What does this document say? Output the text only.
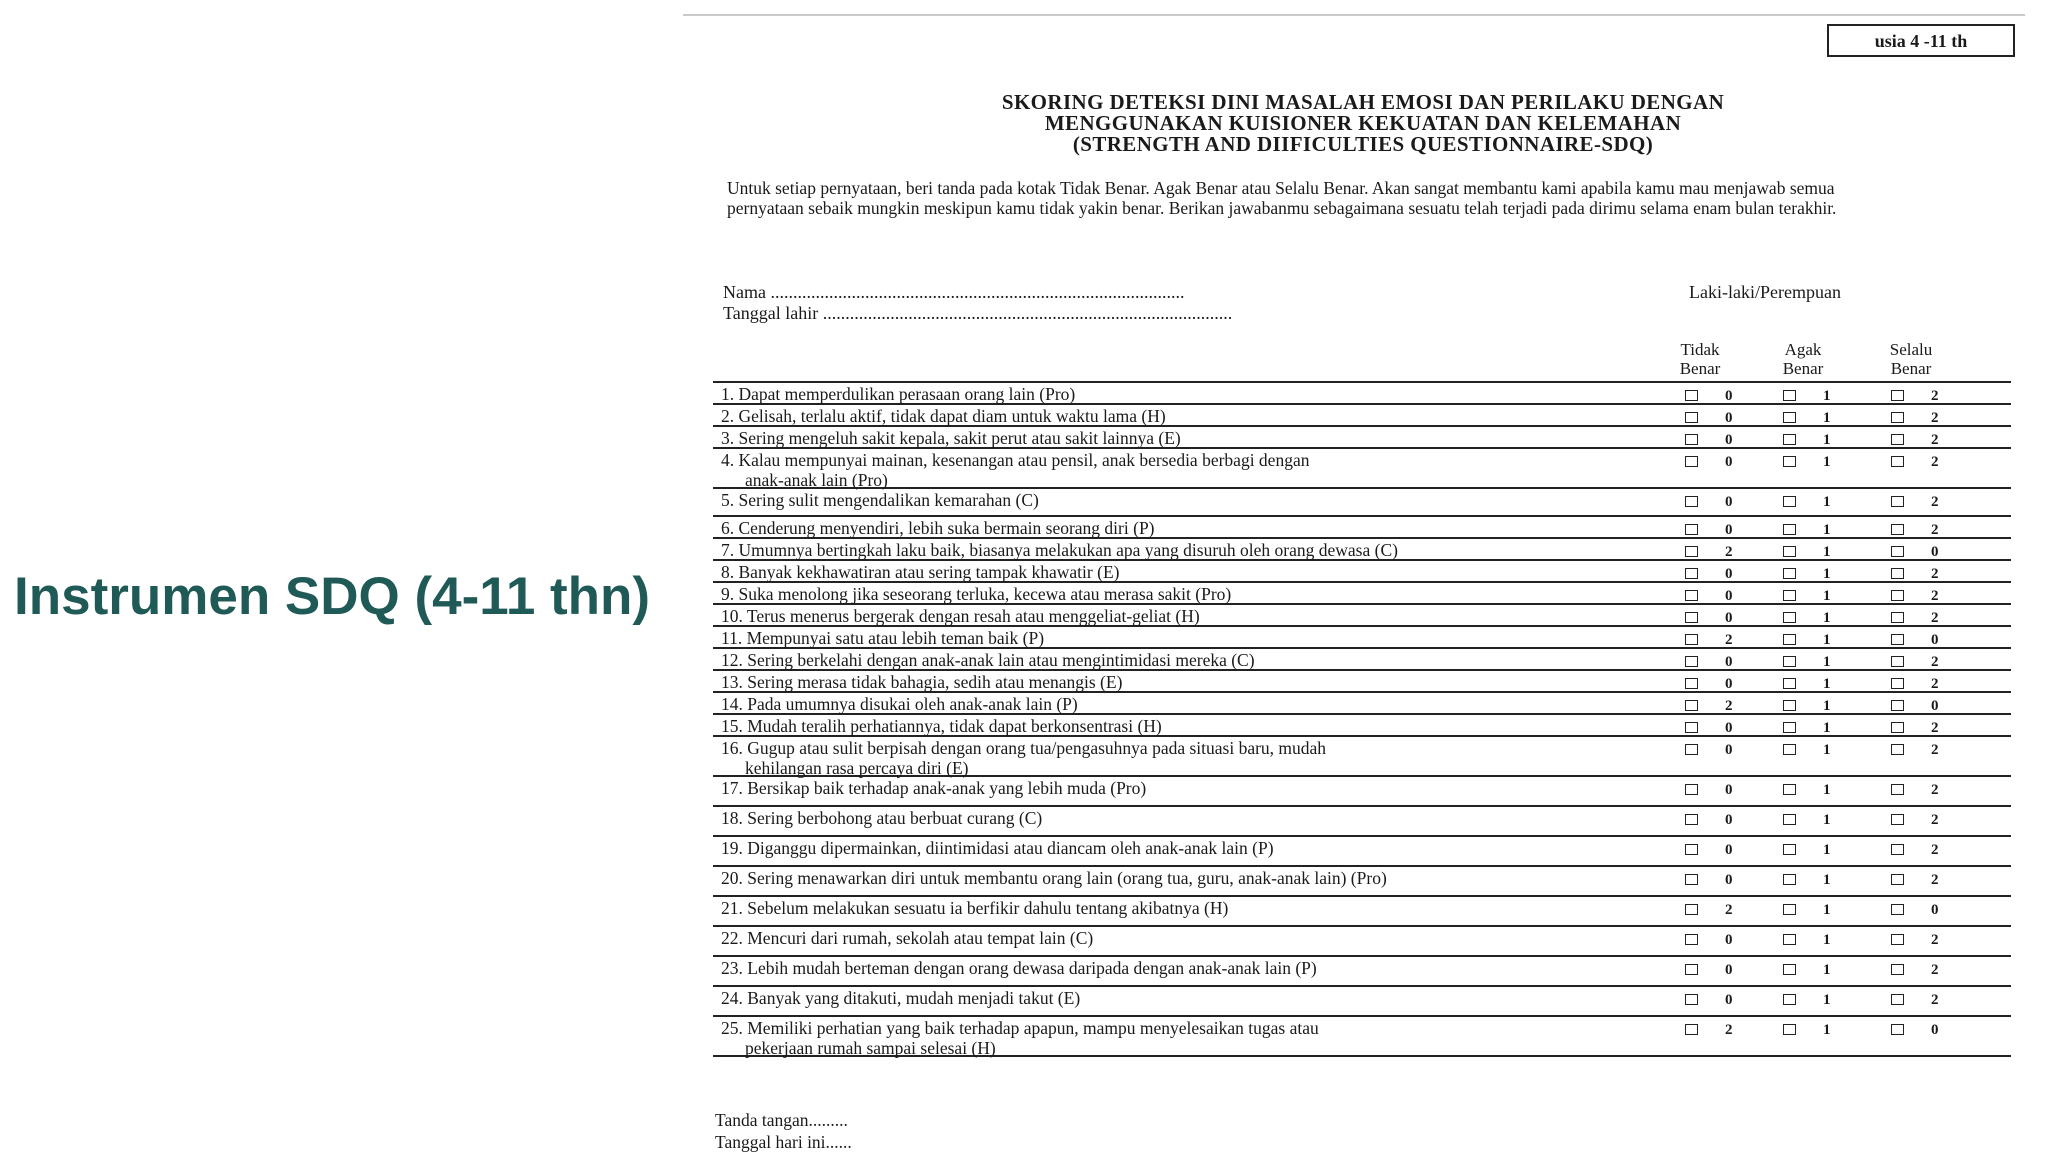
Instrumen SDQ (4-11 thn)
usia 4 -11 th
SKORING DETEKSI DINI MASALAH EMOSI DAN PERILAKU DENGAN
MENGGUNAKAN KUISIONER KEKUATAN DAN KELEMAHAN
(STRENGTH AND DIIFICULTIES QUESTIONNAIRE-SDQ)
Untuk setiap pernyataan, beri tanda pada kotak Tidak Benar. Agak Benar atau Selalu Benar. Akan sangat membantu kami apabila kamu mau menjawab semua pernyataan sebaik mungkin meskipun kamu tidak yakin benar. Berikan jawabanmu sebagaimana sesuatu telah terjadi pada dirimu selama enam bulan terakhir.
Nama ............................................................................................
Tanggal lahir ...........................................................................................
Laki-laki/Perempuan
Tidak Benar
Agak Benar
Selalu Benar
1. Dapat memperdulikan perasaan orang lain (Pro)	0	1	2
2. Gelisah, terlalu aktif, tidak dapat diam untuk waktu lama (H)	0	1	2
3. Sering mengeluh sakit kepala, sakit perut atau sakit lainnya (E)	0	1	2
4. Kalau mempunyai mainan, kesenangan atau pensil, anak bersedia berbagi dengan
anak-anak lain (Pro)
0	1	2
5. Sering sulit mengendalikan kemarahan (C)	0	1	2
6. Cenderung menyendiri, lebih suka bermain seorang diri (P)	0	1	2
7. Umumnya bertingkah laku baik, biasanya melakukan apa yang disuruh oleh orang dewasa (C)	2	1	0
8. Banyak kekhawatiran atau sering tampak khawatir (E)	0	1	2
9. Suka menolong jika seseorang terluka, kecewa atau merasa sakit (Pro)	0	1	2
10. Terus menerus bergerak dengan resah atau menggeliat-geliat (H)	0	1	2
11. Mempunyai satu atau lebih teman baik (P)	2	1	0
12. Sering berkelahi dengan anak-anak lain atau mengintimidasi mereka (C)	0	1	2
13. Sering merasa tidak bahagia, sedih atau menangis (E)	0	1	2
14. Pada umumnya disukai oleh anak-anak lain (P)	2	1	0
15. Mudah teralih perhatiannya, tidak dapat berkonsentrasi (H)	0	1	2
16. Gugup atau sulit berpisah dengan orang tua/pengasuhnya pada situasi baru, mudah
kehilangan rasa percaya diri (E)
0	1	2
17. Bersikap baik terhadap anak-anak yang lebih muda (Pro)	0	1	2
18. Sering berbohong atau berbuat curang (C)	0	1	2
19. Diganggu dipermainkan, diintimidasi atau diancam oleh anak-anak lain (P)	0	1	2
20. Sering menawarkan diri untuk membantu orang lain (orang tua, guru, anak-anak lain) (Pro)	0	1	2
21. Sebelum melakukan sesuatu ia berfikir dahulu tentang akibatnya (H)	2	1	0
22. Mencuri dari rumah, sekolah atau tempat lain (C)	0	1	2
23. Lebih mudah berteman dengan orang dewasa daripada dengan anak-anak lain (P)	0	1	2
24. Banyak yang ditakuti, mudah menjadi takut (E)	0	1	2
25. Memiliki perhatian yang baik terhadap apapun, mampu menyelesaikan tugas atau
pekerjaan rumah sampai selesai (H)
2	1	0
Tanda tangan.........
Tanggal hari ini......
